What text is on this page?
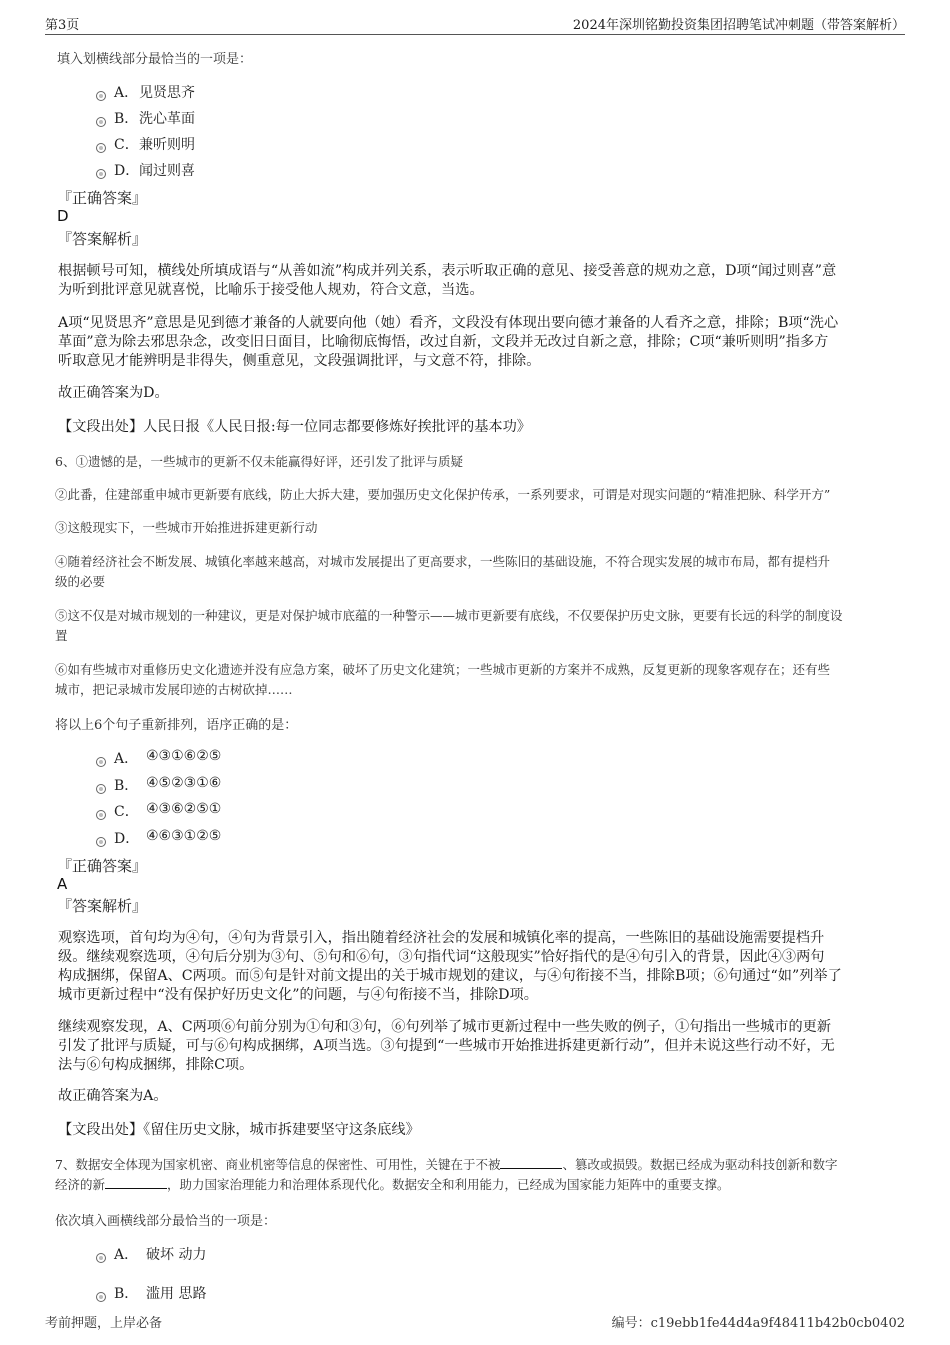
第3页	2024年深圳铭勤投资集团招聘笔试冲刺题（带答案解析）
填入划横线部分最恰当的一项是：
A． 见贤思齐
B． 洗心革面
C． 兼听则明
D． 闻过则喜
『正确答案』
D
『答案解析』
根据顿号可知，横线处所填成语与“从善如流”构成并列关系，表示听取正确的意见、接受善意的规劝之意，D项“闻过则喜”意
为听到批评意见就喜悦，比喻乐于接受他人规劝，符合文意，当选。
A项“见贤思齐”意思是见到德才兼备的人就要向他（她）看齐，文段没有体现出要向德才兼备的人看齐之意，排除；B项“洗心
革面”意为除去邪思杂念，改变旧日面目，比喻彻底悔悟，改过自新，文段并无改过自新之意，排除；C项“兼听则明”指多方
听取意见才能辨明是非得失，侧重意见，文段强调批评，与文意不符，排除。
故正确答案为D。
【文段出处】人民日报《人民日报:每一位同志都要修炼好挨批评的基本功》
6、①遗憾的是，一些城市的更新不仅未能赢得好评，还引发了批评与质疑
②此番，住建部重申城市更新要有底线，防止大拆大建，要加强历史文化保护传承，一系列要求，可谓是对现实问题的“精准把脉、科学开方”
③这般现实下，一些城市开始推进拆建更新行动
④随着经济社会不断发展、城镇化率越来越高，对城市发展提出了更高要求，一些陈旧的基础设施，不符合现实发展的城市布局，都有提档升
级的必要
⑤这不仅是对城市规划的一种建议，更是对保护城市底蕴的一种警示——城市更新要有底线，不仅要保护历史文脉，更要有长远的科学的制度设
置
⑥如有些城市对重修历史文化遗迹并没有应急方案，破坏了历史文化建筑；一些城市更新的方案并不成熟，反复更新的现象客观存在；还有些
城市，把记录城市发展印迹的古树砍掉……
将以上6个句子重新排列，语序正确的是：
A． ④③①⑥②⑤
B． ④⑤②③①⑥
C． ④③⑥②⑤①
D． ④⑥③①②⑤
『正确答案』
A
『答案解析』
观察选项，首句均为④句，④句为背景引入，指出随着经济社会的发展和城镇化率的提高，一些陈旧的基础设施需要提档升
级。继续观察选项，④句后分别为③句、⑤句和⑥句，③句指代词“这般现实”恰好指代的是④句引入的背景，因此④③两句
构成捆绑，保留A、C两项。而⑤句是针对前文提出的关于城市规划的建议，与④句衔接不当，排除B项；⑥句通过“如”列举了
城市更新过程中“没有保护好历史文化”的问题，与④句衔接不当，排除D项。
继续观察发现，A、C两项⑥句前分别为①句和③句，⑥句列举了城市更新过程中一些失败的例子，①句指出一些城市的更新
引发了批评与质疑，可与⑥句构成捆绑，A项当选。③句提到“一些城市开始推进拆建更新行动”，但并未说这些行动不好，无
法与⑥句构成捆绑，排除C项。
故正确答案为A。
【文段出处】《留住历史文脉，城市拆建要坚守这条底线》
7、数据安全体现为国家机密、商业机密等信息的保密性、可用性，关键在于不被	、篡改或损毁。数据已经成为驱动科技创新和数字
经济的新	，助力国家治理能力和治理体系现代化。数据安全和利用能力，已经成为国家能力矩阵中的重要支撑。
依次填入画横线部分最恰当的一项是：
A． 破坏 动力
B． 滥用 思路
考前押题，上岸必备	编号：c19ebb1fe44d4a9f48411b42b0cb0402
